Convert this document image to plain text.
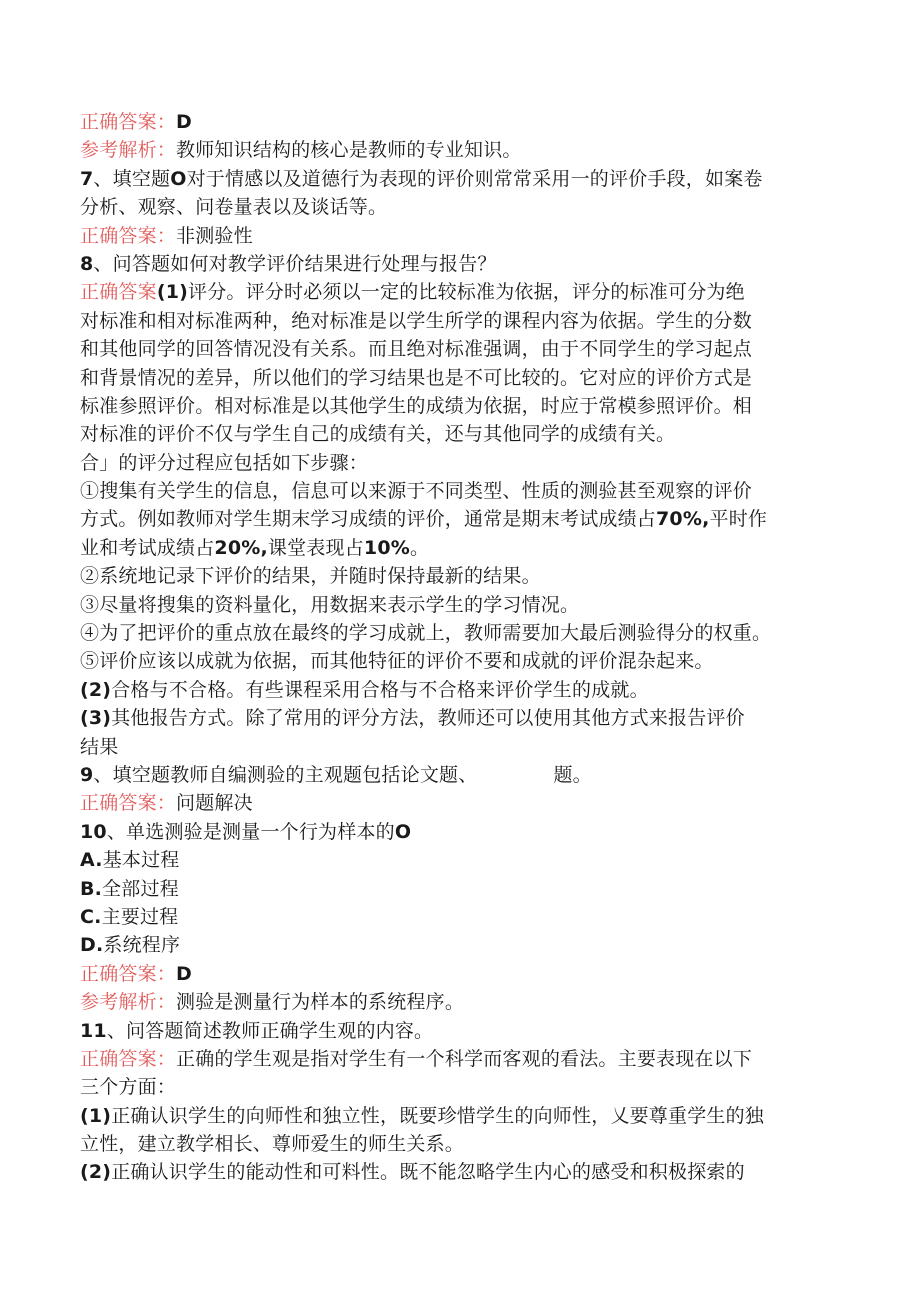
正确答案：D
参考解析：教师知识结构的核心是教师的专业知识。
7、填空题O对于情感以及道德行为表现的评价则常常采用一的评价手段，如案卷
分析、观察、问卷量表以及谈话等。
正确答案：非测验性
8、问答题如何对教学评价结果进行处理与报告？
正确答案(1)评分。评分时必须以一定的比较标准为依据，评分的标准可分为绝
对标准和相对标准两种，绝对标准是以学生所学的课程内容为依据。学生的分数
和其他同学的回答情况没有关系。而且绝对标准强调，由于不同学生的学习起点
和背景情况的差异，所以他们的学习结果也是不可比较的。它对应的评价方式是
标准参照评价。相对标准是以其他学生的成绩为依据，时应于常模参照评价。相
对标准的评价不仅与学生自己的成绩有关，还与其他同学的成绩有关。
合」的评分过程应包括如下步骤：
①搜集有关学生的信息，信息可以来源于不同类型、性质的测验甚至观察的评价
方式。例如教师对学生期末学习成绩的评价，通常是期末考试成绩占70%,平时作
业和考试成绩占20%,课堂表现占10%。
②系统地记录下评价的结果，并随时保持最新的结果。
③尽量将搜集的资料量化，用数据来表示学生的学习情况。
④为了把评价的重点放在最终的学习成就上，教师需要加大最后测验得分的权重。
⑤评价应该以成就为依据，而其他特征的评价不要和成就的评价混杂起来。
(2)合格与不合格。有些课程采用合格与不合格来评价学生的成就。
(3)其他报告方式。除了常用的评分方法，教师还可以使用其他方式来报告评价
结果
9、填空题教师自编测验的主观题包括论文题、	题。
正确答案：问题解决
10、单选测验是测量一个行为样本的O
A.基本过程
B.全部过程
C.主要过程
D.系统程序
正确答案：D
参考解析：测验是测量行为样本的系统程序。
11、问答题简述教师正确学生观的内容。
正确答案：正确的学生观是指对学生有一个科学而客观的看法。主要表现在以下
三个方面：
(1)正确认识学生的向师性和独立性，既要珍惜学生的向师性，乂要尊重学生的独
立性，建立教学相长、尊师爱生的师生关系。
(2)正确认识学生的能动性和可料性。既不能忽略学生内心的感受和积极探索的
